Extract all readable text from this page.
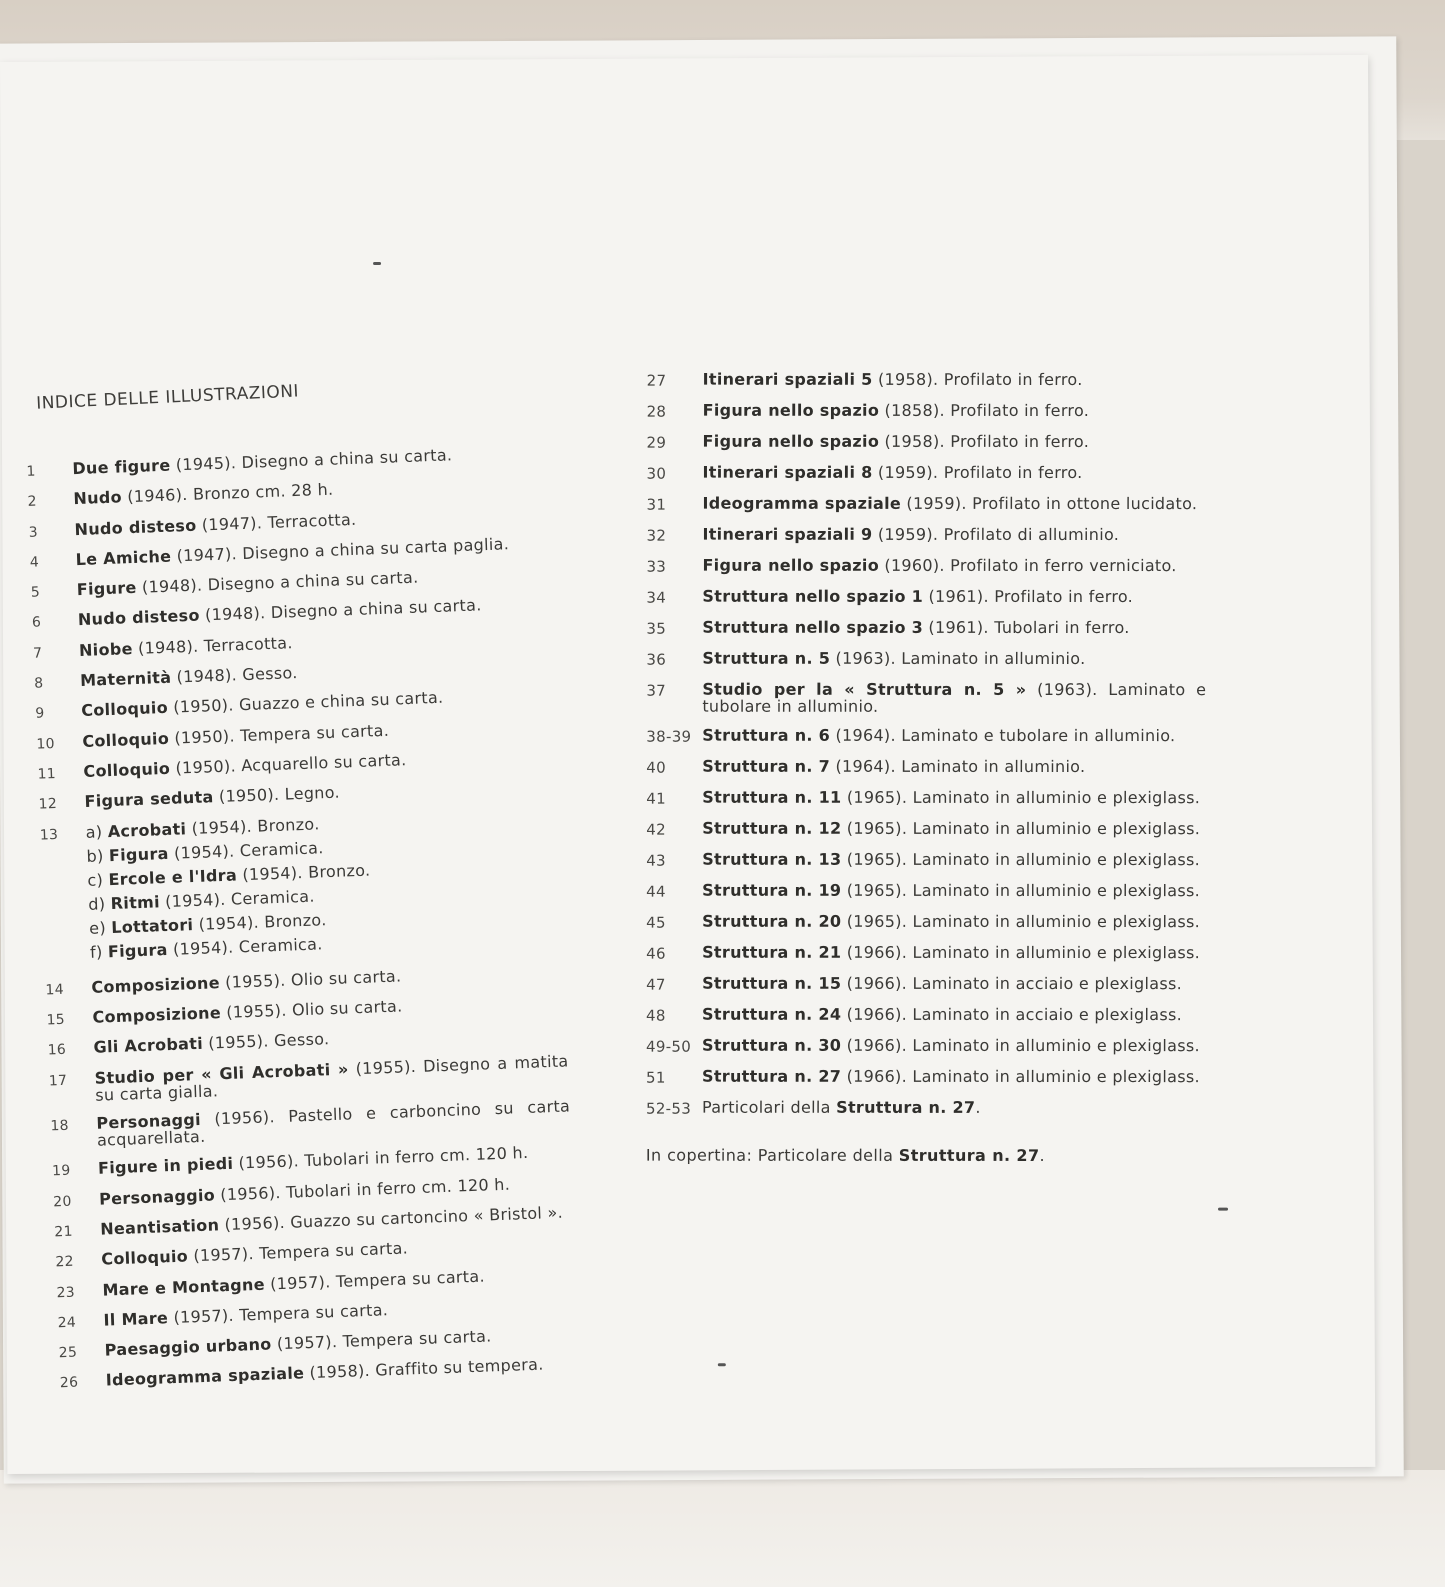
INDICE DELLE ILLUSTRAZIONI
1	Due figure (1945). Disegno a china su carta.
2	Nudo (1946). Bronzo cm. 28 h.
3	Nudo disteso (1947). Terracotta.
4	Le Amiche (1947). Disegno a china su carta paglia.
5	Figure (1948). Disegno a china su carta.
6	Nudo disteso (1948). Disegno a china su carta.
7	Niobe (1948). Terracotta.
8	Maternità (1948). Gesso.
9	Colloquio (1950). Guazzo e china su carta.
10	Colloquio (1950). Tempera su carta.
11	Colloquio (1950). Acquarello su carta.
12	Figura seduta (1950). Legno.
13	a) Acrobati (1954). Bronzo.
b) Figura (1954). Ceramica.
c) Ercole e l'Idra (1954). Bronzo.
d) Ritmi (1954). Ceramica.
e) Lottatori (1954). Bronzo.
f) Figura (1954). Ceramica.
14	Composizione (1955). Olio su carta.
15	Composizione (1955). Olio su carta.
16	Gli Acrobati (1955). Gesso.
17	Studio per « Gli Acrobati » (1955). Disegno a matita su carta gialla.
18	Personaggi (1956). Pastello e carboncino su carta acquarellata.
19	Figure in piedi (1956). Tubolari in ferro cm. 120 h.
20	Personaggio (1956). Tubolari in ferro cm. 120 h.
21	Neantisation (1956). Guazzo su cartoncino « Bristol ».
22	Colloquio (1957). Tempera su carta.
23	Mare e Montagne (1957). Tempera su carta.
24	Il Mare (1957). Tempera su carta.
25	Paesaggio urbano (1957). Tempera su carta.
26	Ideogramma spaziale (1958). Graffito su tempera.
27	Itinerari spaziali 5 (1958). Profilato in ferro.
28	Figura nello spazio (1858). Profilato in ferro.
29	Figura nello spazio (1958). Profilato in ferro.
30	Itinerari spaziali 8 (1959). Profilato in ferro.
31	Ideogramma spaziale (1959). Profilato in ottone lucidato.
32	Itinerari spaziali 9 (1959). Profilato di alluminio.
33	Figura nello spazio (1960). Profilato in ferro verniciato.
34	Struttura nello spazio 1 (1961). Profilato in ferro.
35	Struttura nello spazio 3 (1961). Tubolari in ferro.
36	Struttura n. 5 (1963). Laminato in alluminio.
37	Studio per la « Struttura n. 5 » (1963). Laminato e tubolare in alluminio.
38-39 Struttura n. 6 (1964). Laminato e tubolare in alluminio.
40	Struttura n. 7 (1964). Laminato in alluminio.
41	Struttura n. 11 (1965). Laminato in alluminio e plexiglass.
42	Struttura n. 12 (1965). Laminato in alluminio e plexiglass.
43	Struttura n. 13 (1965). Laminato in alluminio e plexiglass.
44	Struttura n. 19 (1965). Laminato in alluminio e plexiglass.
45	Struttura n. 20 (1965). Laminato in alluminio e plexiglass.
46	Struttura n. 21 (1966). Laminato in alluminio e plexiglass.
47	Struttura n. 15 (1966). Laminato in acciaio e plexiglass.
48	Struttura n. 24 (1966). Laminato in acciaio e plexiglass.
49-50 Struttura n. 30 (1966). Laminato in alluminio e plexiglass.
51	Struttura n. 27 (1966). Laminato in alluminio e plexiglass.
52-53 Particolari della Struttura n. 27.
In copertina: Particolare della Struttura n. 27.
